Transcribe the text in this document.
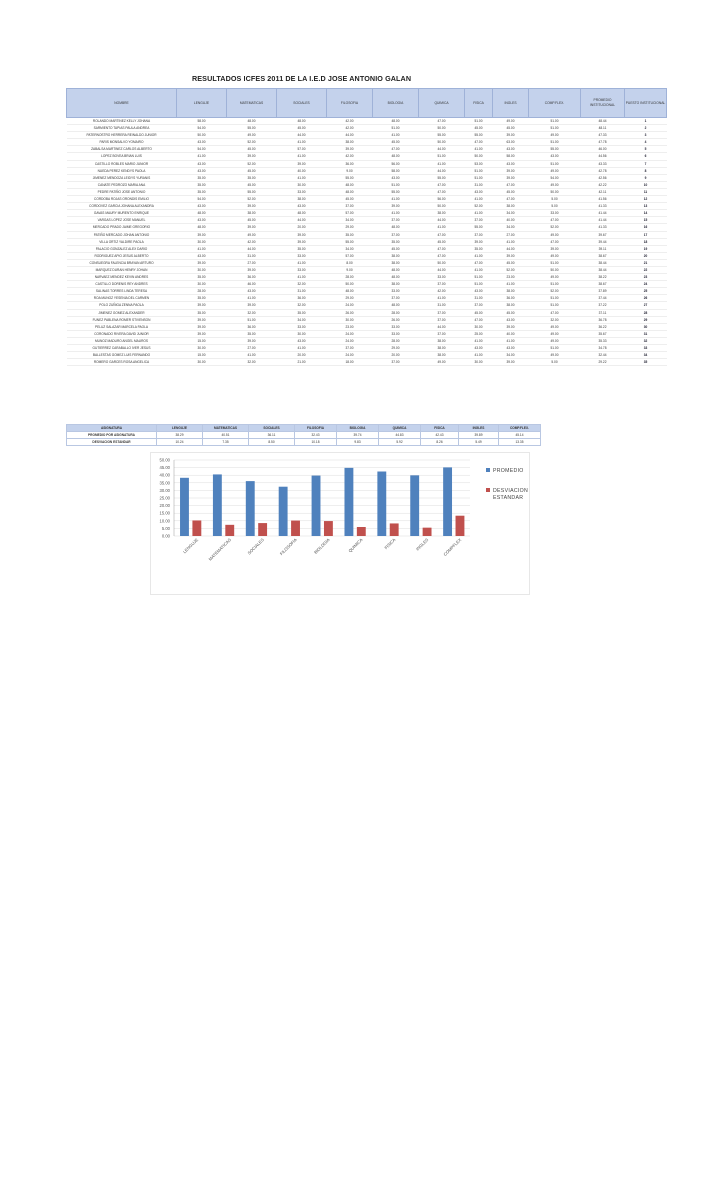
RESULTADOS ICFES 2011 DE LA I.E.D JOSE ANTONIO GALAN
NOMBRE	LENGUJE	MATEMATICAS	SOCIALES	FILOSOFIA	BIOLOGIA	QUIMICA	FISICA	INGLES	COMP.FLEX.	PROMEDIO INSTITUCIONAL	PUESTO INSTITUCIONAL
ROLANDO MARTINEZ KELLY JOHANA	58.00	48.00	48.00	42.00	48.00	47.00	51.00	49.00	51.00	48.44	1
SARMIENTO TAPIAS PAULA ANDREA	54.00	55.00	45.00	42.00	51.00	50.00	45.00	45.00	51.00	48.11	2
PATERNOSTRO HERRERA REINALDO JUNIOR	50.00	49.00	44.00	44.00	41.00	55.00	55.00	39.00	49.00	47.33	3
PARIS MONSALVO YOMAIRO	43.00	52.00	41.00	38.00	45.00	50.00	47.00	63.00	51.00	47.78	4
ZABALSA MARTINEZ CARLOS ALBERTO	54.00	45.00	57.00	39.00	47.00	44.00	41.00	43.00	55.00	46.00	5
LOPEZ BOVEA BRIAN LUIS	41.00	39.00	41.00	42.00	48.00	51.00	50.00	58.00	43.00	44.56	6
CASTILLO ROBLES MARIO JUNIOR	43.00	52.00	39.00	36.00	56.00	41.00	53.00	43.00	51.00	43.33	7
NUEDA PEREZ KENDYS PAOLA	43.00	45.00	40.00	9.00	58.00	44.00	51.00	39.00	49.00	42.78	8
JIMENEZ MENDOZA LEIDYS YURANIS	35.00	35.00	41.00	55.00	43.00	55.00	51.00	39.00	54.00	42.56	9
CANATE PEDROZO MARIA ANA	35.00	45.00	30.00	48.00	51.00	47.00	31.00	47.00	49.00	42.22	10
PEDRE PATIÑO JOSE ANTONIO	35.00	55.00	33.00	48.00	55.00	47.00	43.00	45.00	50.00	42.11	11
CORDOBA ROJAS ORONDIS EMILIO	54.00	52.00	38.00	45.00	41.00	56.00	41.00	47.00	5.00	41.56	12
CORDOVEZ GARCIA JOHANA ALEXANDRA	43.00	39.00	43.00	37.00	39.00	50.00	52.00	38.00	5.00	41.33	13
GAVAS MAURY MURENTO ENRIQUE	48.00	38.00	48.00	57.00	41.00	38.00	41.00	34.00	33.00	41.44	14
VARGAS LOPEZ JOSE MANUEL	43.00	45.00	44.00	34.00	37.00	44.00	37.00	40.00	47.00	41.44	15
MERCADO PRADO JAIME GREGORIO	48.00	39.00	20.00	29.00	48.00	41.00	55.00	34.00	52.00	41.33	16
PATIÑO MERCADO JOHAN ANTONIO	39.00	49.00	39.00	35.00	37.00	47.00	37.00	27.00	49.00	39.67	17
VILLA ORTIZ YALDIRE PAOLA	30.00	42.00	39.00	55.00	35.00	45.00	39.00	41.00	47.00	39.44	18
PALACIO GONZALEZ ALEX DARIO	41.00	44.00	35.00	34.00	45.00	47.00	35.00	44.00	39.00	39.11	19
RODRIGUEZ APIO JESUS ALBERTO	43.00	31.00	33.00	57.00	38.00	47.00	41.00	39.00	49.00	38.67	20
CONSUEGRA FALENCIA BRAYAN ARTURO	39.00	27.00	41.00	8.00	38.00	50.00	47.00	45.00	51.00	38.44	21
MARQUEZ DURAN HENRY JOHAN	30.00	39.00	33.00	9.00	48.00	44.00	41.00	52.00	50.00	38.44	22
NARVAEZ MENDEZ KEVIN ANDRES	35.00	36.00	41.00	28.00	48.00	33.00	51.00	23.00	49.00	38.22	23
CASTILLO DORENIS REY ANDRES	30.00	46.00	32.00	50.00	38.00	37.00	51.00	41.00	51.00	38.67	24
SALINAS TORRES LINDA TERESA	28.00	43.00	31.00	48.00	33.00	42.00	43.00	38.00	52.00	37.89	25
ROA MUNOZ YESENIA DEL CARMEN	35.00	41.00	36.00	29.00	37.00	41.00	31.00	36.00	51.00	37.44	26
POLO ZUÑIGA ZENNA PAOLA	39.00	39.00	32.00	24.00	48.00	31.00	37.00	38.00	51.00	37.22	27
JIMENEZ GOMEZ ALEXANDER	35.00	32.00	35.00	26.00	28.00	37.00	45.00	45.00	47.00	37.11	28
FUNEZ PABLENA ROMER STIVENSON	39.00	51.00	34.00	30.00	26.00	37.00	47.00	43.00	32.00	36.78	29
PELUZ SALAZAR MARCELA PAOLA	39.00	36.00	33.00	23.00	33.00	44.00	30.00	39.00	49.00	36.22	30
CORONADO RIVERA DAVID JUNIOR	39.00	35.00	30.00	24.00	33.00	37.00	25.00	40.00	49.00	35.67	31
MUNOZ MADURO ANGEL MAUROS	15.00	39.00	43.00	24.00	28.00	38.00	41.00	41.00	49.00	35.33	32
GUTIERREZ CARABALLO IVER JESUS	30.00	27.00	41.00	37.00	29.00	38.00	43.00	43.00	51.00	34.78	33
BALLESTAS GOMEZ LUIS FERNANDO	15.00	41.00	20.00	24.00	20.00	38.00	41.00	34.00	49.00	32.44	34
ROMERO GARCES ROSA ANGELICA	30.00	32.00	21.00	18.00	37.00	49.00	30.00	39.00	5.00	29.22	35
ASIGNATURA	LENGUJE	MATEMATICAS	SOCIALES	FILOSOFIA	BIOLOGIA	QUIMICA	FISICA	INGLES	COMP.FLEX.
PROMEDIO POR ASIGNATURA	38.29	40.51	36.11	32.43	39.74	44.83	42.43	39.89	45.14
DESVIACION ESTANDAR	10.24	7.35	8.50	10.18	9.83	5.92	8.26	5.49	13.35
0.00
5.00
10.00
15.00
20.00
25.00
30.00
35.00
40.00
45.00
50.00
LENGUJE MATEMATICAS	SOCIALES	FILOSOFIA	BIOLOGIA	QUIMICA	FISICA	INGLES	COMPFLEX
PROMEDIO
DESVIACION ESTANDAR
